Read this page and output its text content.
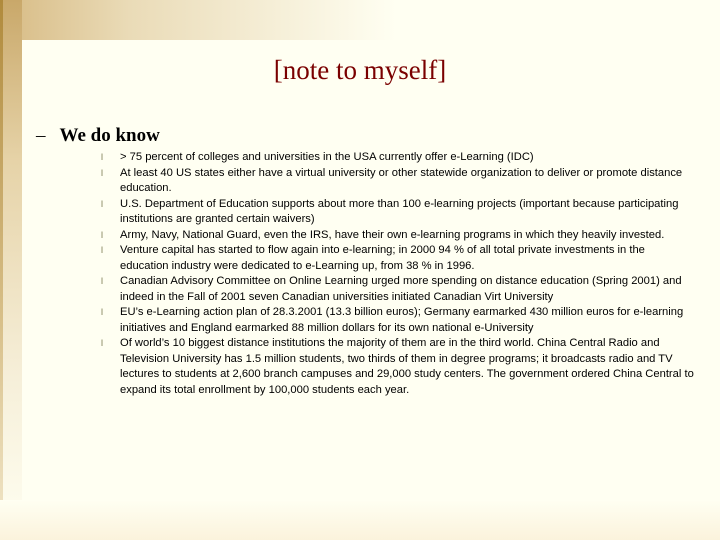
[note to myself]
– We do know
l > 75 percent of colleges and universities in the USA currently offer e-Learning (IDC)
l At least 40 US states either have a virtual university or other statewide organization to deliver or promote distance education.
l U.S. Department of Education supports about more than 100 e-learning projects (important because participating institutions are granted certain waivers)
l Army, Navy, National Guard, even the IRS, have their own e-learning programs in which they heavily invested.
l Venture capital has started to flow again into e-learning; in 2000 94 % of all total private investments in the education industry were dedicated to e-Learning up, from 38 % in 1996.
l Canadian Advisory Committee on Online Learning urged more spending on distance education (Spring 2001) and indeed in the Fall of 2001 seven Canadian universities initiated Canadian Virt University
l EU’s e-Learning action plan of 28.3.2001 (13.3 billion euros); Germany earmarked 430 million euros for e-learning initiatives and England earmarked 88 million dollars for its own national e-University
l Of world’s 10 biggest distance institutions the majority of them are in the third world. China Central Radio and Television University has 1.5 million students, two thirds of them in degree programs; it broadcasts radio and TV lectures to students at 2,600 branch campuses and 29,000 study centers. The government ordered China Central to expand its total enrollment by 100,000 students each year.
